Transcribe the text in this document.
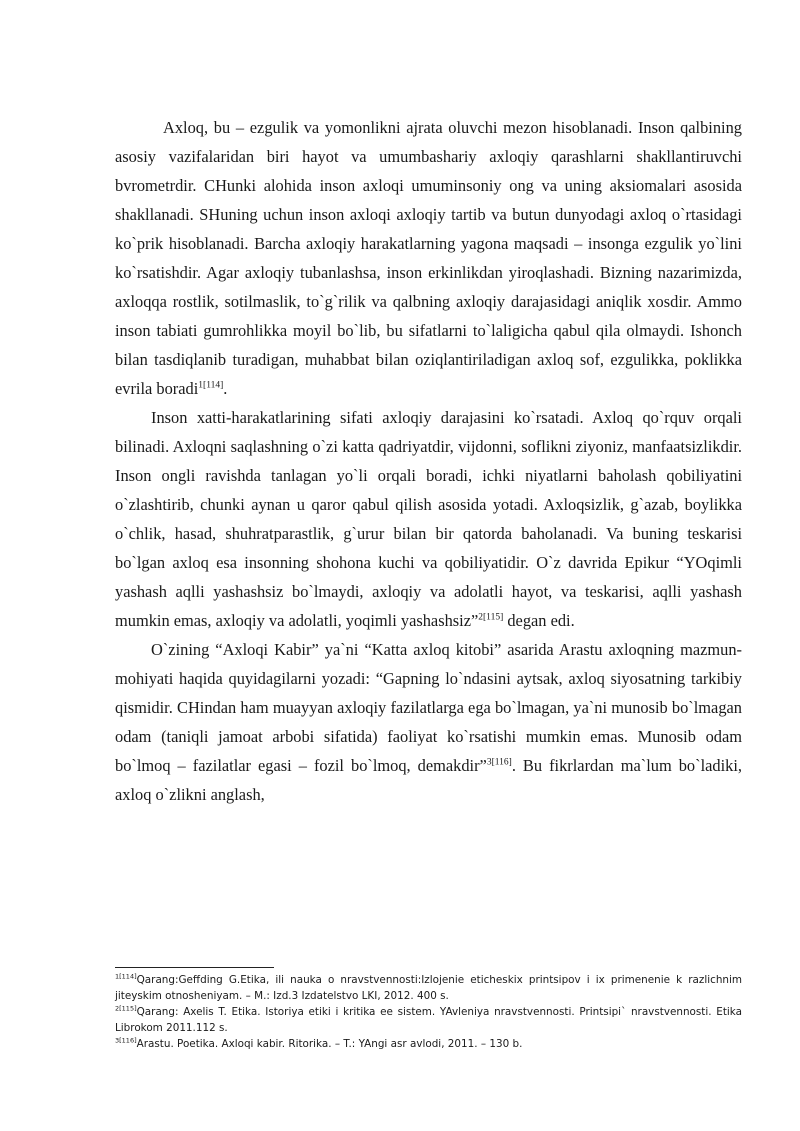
Axloq, bu – ezgulik va yomonlikni ajrata oluvchi mezon hisoblanadi. Inson qalbining asosiy vazifalaridan biri hayot va umumbashariy axloqiy qarashlarni shakllantiruvchi bvrometrdir. CHunki alohida inson axloqi umuminsoniy ong va uning aksiomalari asosida shakllanadi. SHuning uchun inson axloqi axloqiy tartib va butun dunyodagi axloq o`rtasidagi ko`prik hisoblanadi. Barcha axloqiy harakatlarning yagona maqsadi – insonga ezgulik yo`lini ko`rsatishdir. Agar axloqiy tubanlashsa, inson erkinlikdan yiroqlashadi. Bizning nazarimizda, axloqqa rostlik, sotilmaslik, to`g`rilik va qalbning axloqiy darajasidagi aniqlik xosdir. Ammo inson tabiati gumrohlikka moyil bo`lib, bu sifatlarni to`laligicha qabul qila olmaydi. Ishonch bilan tasdiqlanib turadigan, muhabbat bilan oziqlantiriladigan axloq sof, ezgulikka, poklikka evrila boradi$^{1[114]}$.

Inson xatti-harakatlarining sifati axloqiy darajasini ko`rsatadi. Axloq qo`rquv orqali bilinadi. Axloqni saqlashning o`zi katta qadriyatdir, vijdonni, soflikni ziyoniz, manfaatsizlikdir. Inson ongli ravishda tanlagan yo`li orqali boradi, ichki niyatlarni baholash qobiliyatini o`zlashtirib, chunki aynan u qaror qabul qilish asosida yotadi. Axloqsizlik, g`azab, boylikka o`chlik, hasad, shuhratparastlik, g`urur bilan bir qatorda baholanadi. Va buning teskarisi bo`lgan axloq esa insonning shohona kuchi va qobiliyatidir. O`z davrida Epikur “YOqimli yashash aqlli yashashsiz bo`lmaydi, axloqiy va adolatli hayot, va teskarisi, aqlli yashash mumkin emas, axloqiy va adolatli, yoqimli yashashsiz”$^{2[115]}$ degan edi.

O`zining “Axloqi Kabir” ya`ni “Katta axloq kitobi” asarida Arastu axloqning mazmun-mohiyati haqida quyidagilarni yozadi: “Gapning lo`ndasini aytsak, axloq siyosatning tarkibiy qismidir. CHindan ham muayyan axloqiy fazilatlarga ega bo`lmagan, ya`ni munosib bo`lmagan odam (taniqli jamoat arbobi sifatida) faoliyat ko`rsatishi mumkin emas. Munosib odam bo`lmoq – fazilatlar egasi – fozil bo`lmoq, demakdir”$^{3[116]}$. Bu fikrlardan ma`lum bo`ladiki, axloq o`zlikni anglash,

$^{1[114]}$Qarang:Geffding G.Etika, ili nauka o nravstvennosti:Izlojenie eticheskix printsipov i ix primenenie k razlichnim jiteyskim otnosheniyam. – M.: Izd.3 Izdatelstvo LKI, 2012. 400 s.

$^{2[115]}$Qarang: Axelis T. Etika. Istoriya etiki i kritika ee sistem. YAvleniya nravstvennosti. Printsipi` nravstvennosti. Etika Librokom 2011.112 s.

$^{3[116]}$Arastu. Poetika. Axloqi kabir. Ritorika. – T.: YAngi asr avlodi, 2011. – 130 b.
